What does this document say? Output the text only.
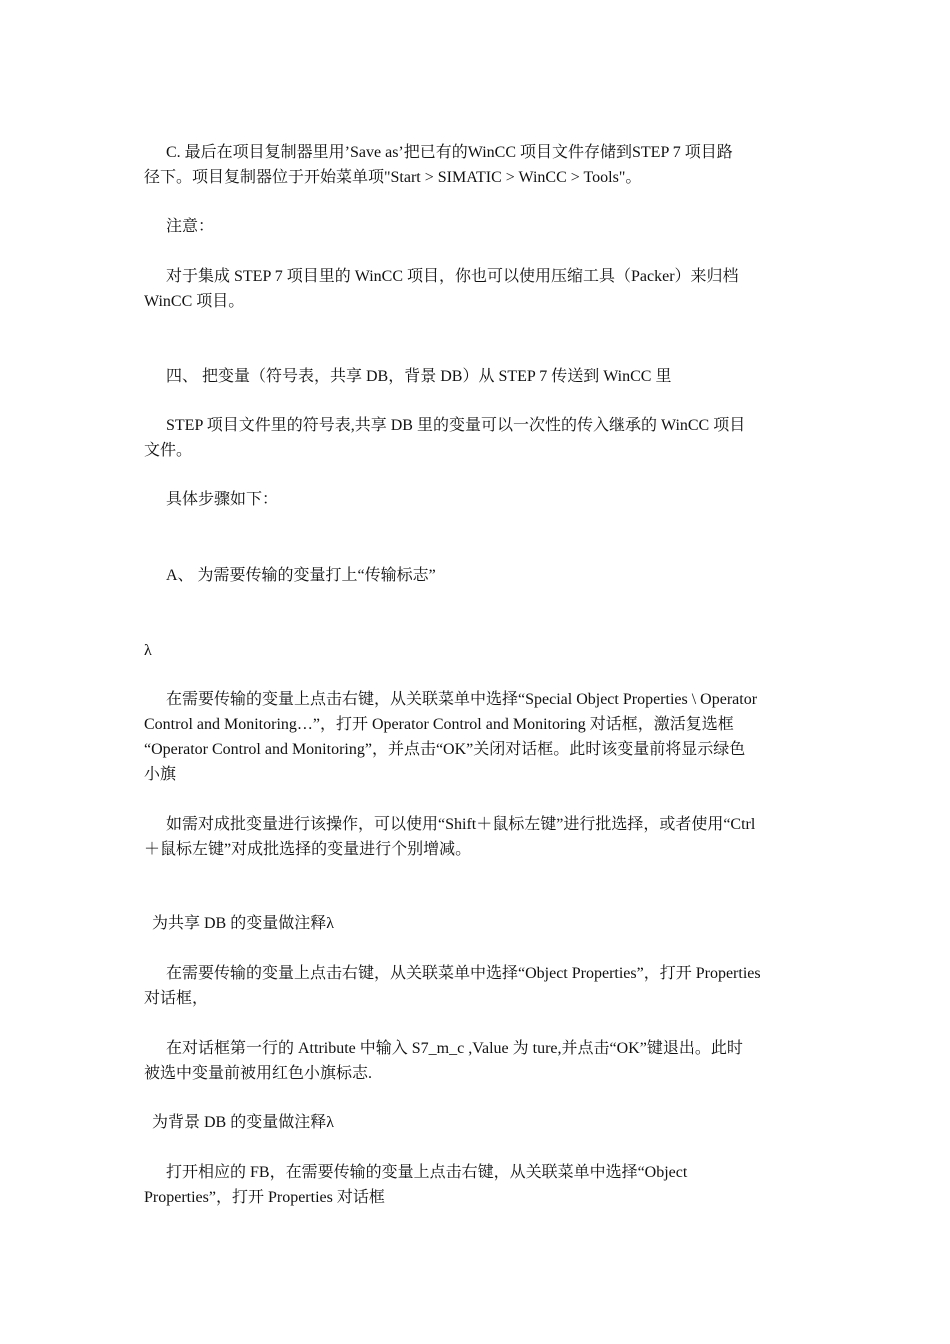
C. 最后在项目复制器里用’Save as’把已有的WinCC 项目文件存储到STEP 7 项目路
径下。项目复制器位于开始菜单项"Start > SIMATIC > WinCC > Tools"。

注意：

对于集成 STEP 7 项目里的 WinCC 项目，你也可以使用压缩工具（Packer）来归档
WinCC 项目。

四、 把变量（符号表，共享 DB，背景 DB）从 STEP 7 传送到 WinCC 里

STEP 项目文件里的符号表,共享 DB 里的变量可以一次性的传入继承的 WinCC 项目
文件。

具体步骤如下：

A、 为需要传输的变量打上“传输标志”

λ

在需要传输的变量上点击右键，从关联菜单中选择“Special Object Properties \ Operator
Control and Monitoring…”，打开 Operator Control and Monitoring 对话框，激活复选框
“Operator Control and Monitoring”，并点击“OK”关闭对话框。此时该变量前将显示绿色
小旗

如需对成批变量进行该操作，可以使用“Shift＋鼠标左键”进行批选择，或者使用“Ctrl
＋鼠标左键”对成批选择的变量进行个别增减。

为共享 DB 的变量做注释λ

在需要传输的变量上点击右键，从关联菜单中选择“Object Properties”，打开 Properties
对话框，

在对话框第一行的 Attribute 中输入 S7_m_c ,Value 为 ture,并点击“OK”键退出。此时
被选中变量前被用红色小旗标志.

为背景 DB 的变量做注释λ

打开相应的 FB，在需要传输的变量上点击右键，从关联菜单中选择“Object
Properties”，打开 Properties 对话框
